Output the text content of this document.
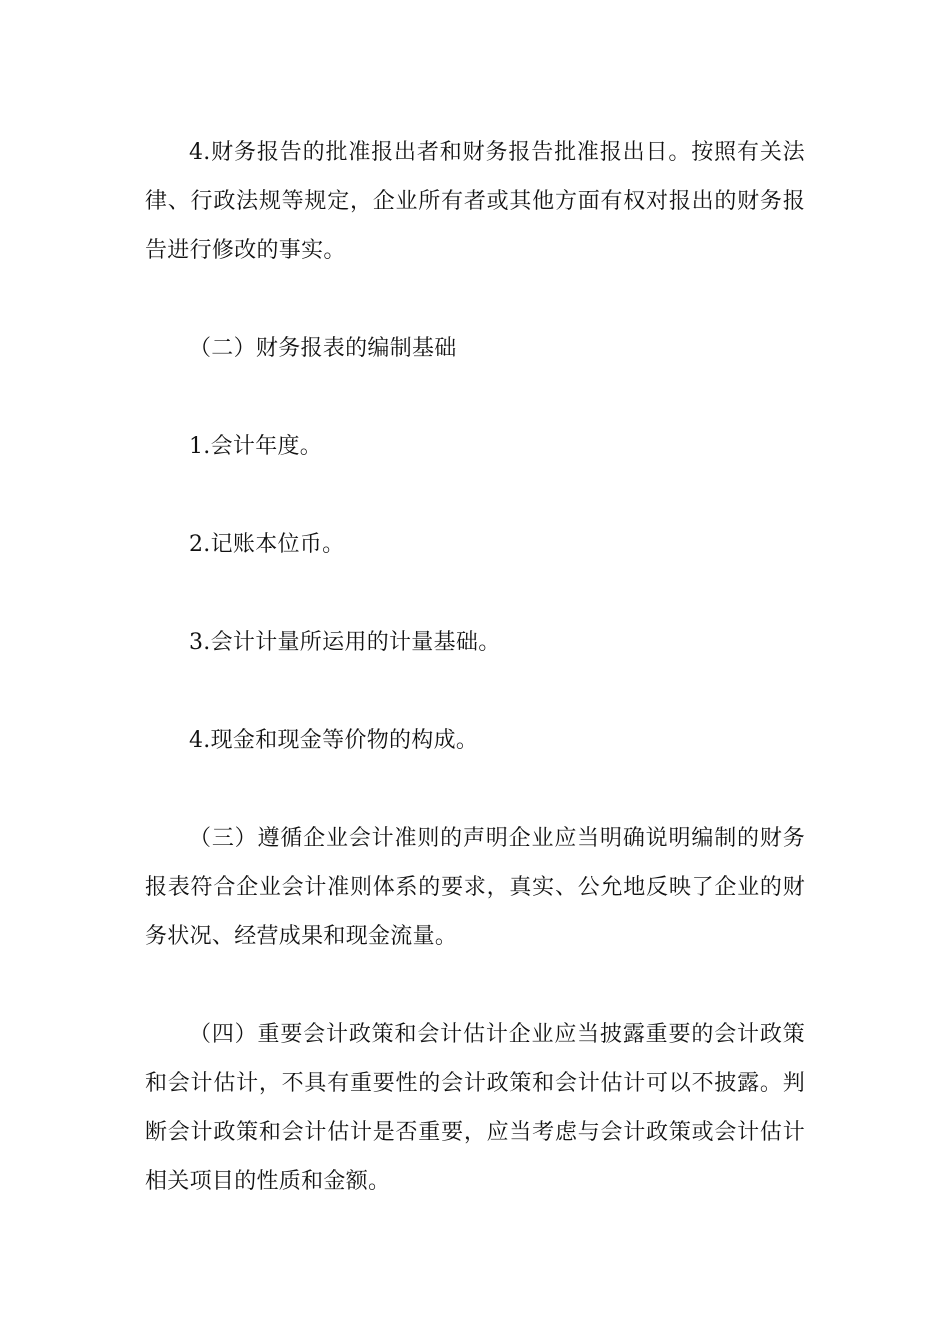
4.财务报告的批准报出者和财务报告批准报出日。按照有关法律、行政法规等规定，企业所有者或其他方面有权对报出的财务报告进行修改的事实。

（二）财务报表的编制基础

1.会计年度。

2.记账本位币。

3.会计计量所运用的计量基础。

4.现金和现金等价物的构成。

（三）遵循企业会计准则的声明企业应当明确说明编制的财务报表符合企业会计准则体系的要求，真实、公允地反映了企业的财务状况、经营成果和现金流量。

（四）重要会计政策和会计估计企业应当披露重要的会计政策和会计估计，不具有重要性的会计政策和会计估计可以不披露。判断会计政策和会计估计是否重要，应当考虑与会计政策或会计估计相关项目的性质和金额。
